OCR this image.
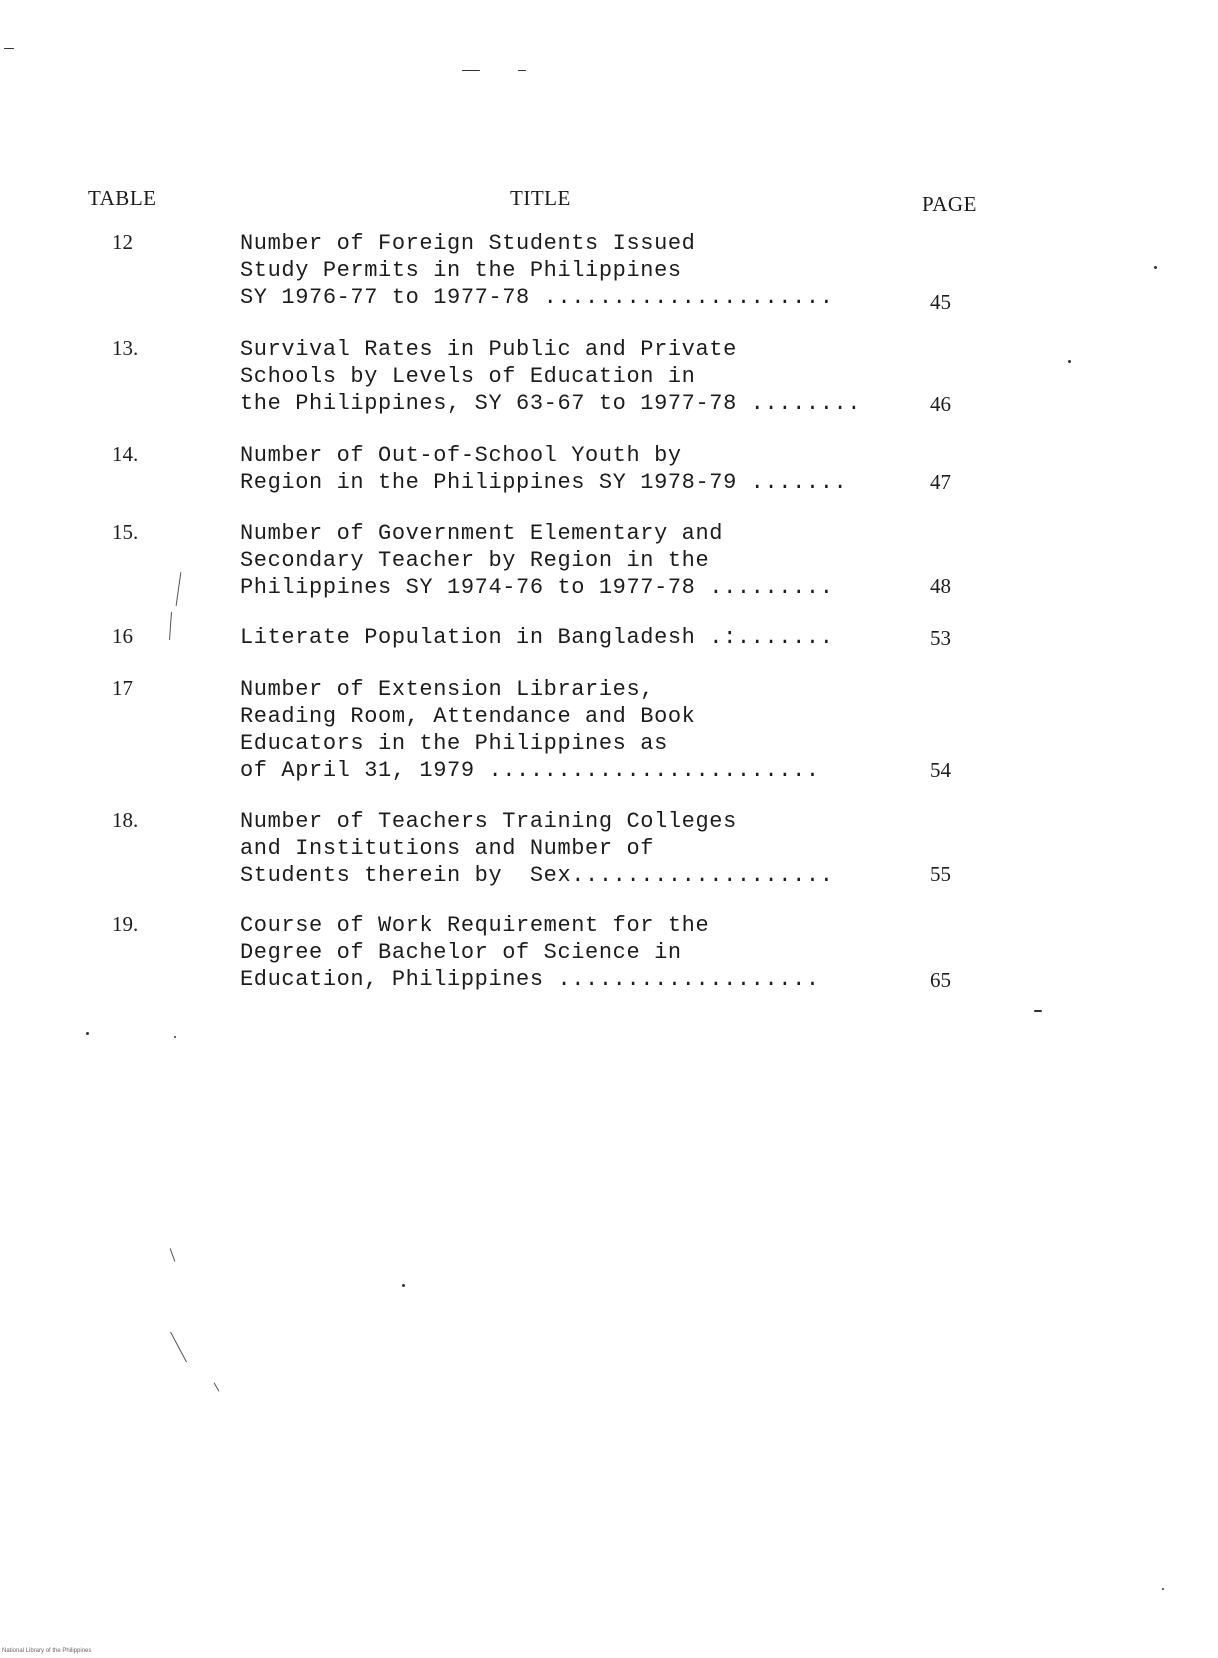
TABLE	TITLE	PAGE
12	Number of Foreign Students Issued
Study Permits in the Philippines
SY 1976-77 to 1977-78 .....................	45
13.	Survival Rates in Public and Private
Schools by Levels of Education in
the Philippines, SY 63-67 to 1977-78 ........	46
14.	Number of Out-of-School Youth by
Region in the Philippines SY 1978-79 .......	47
15.	Number of Government Elementary and
Secondary Teacher by Region in the
Philippines SY 1974-76 to 1977-78 .........	48
16	Literate Population in Bangladesh .:.......	53
17	Number of Extension Libraries,
Reading Room, Attendance and Book
Educators in the Philippines as
of April 31, 1979 ........................	54
18.	Number of Teachers Training Colleges
and Institutions and Number of
Students therein by  Sex...................	55
19.	Course of Work Requirement for the
Degree of Bachelor of Science in
Education, Philippines ...................	65
National Library of the Philippines
